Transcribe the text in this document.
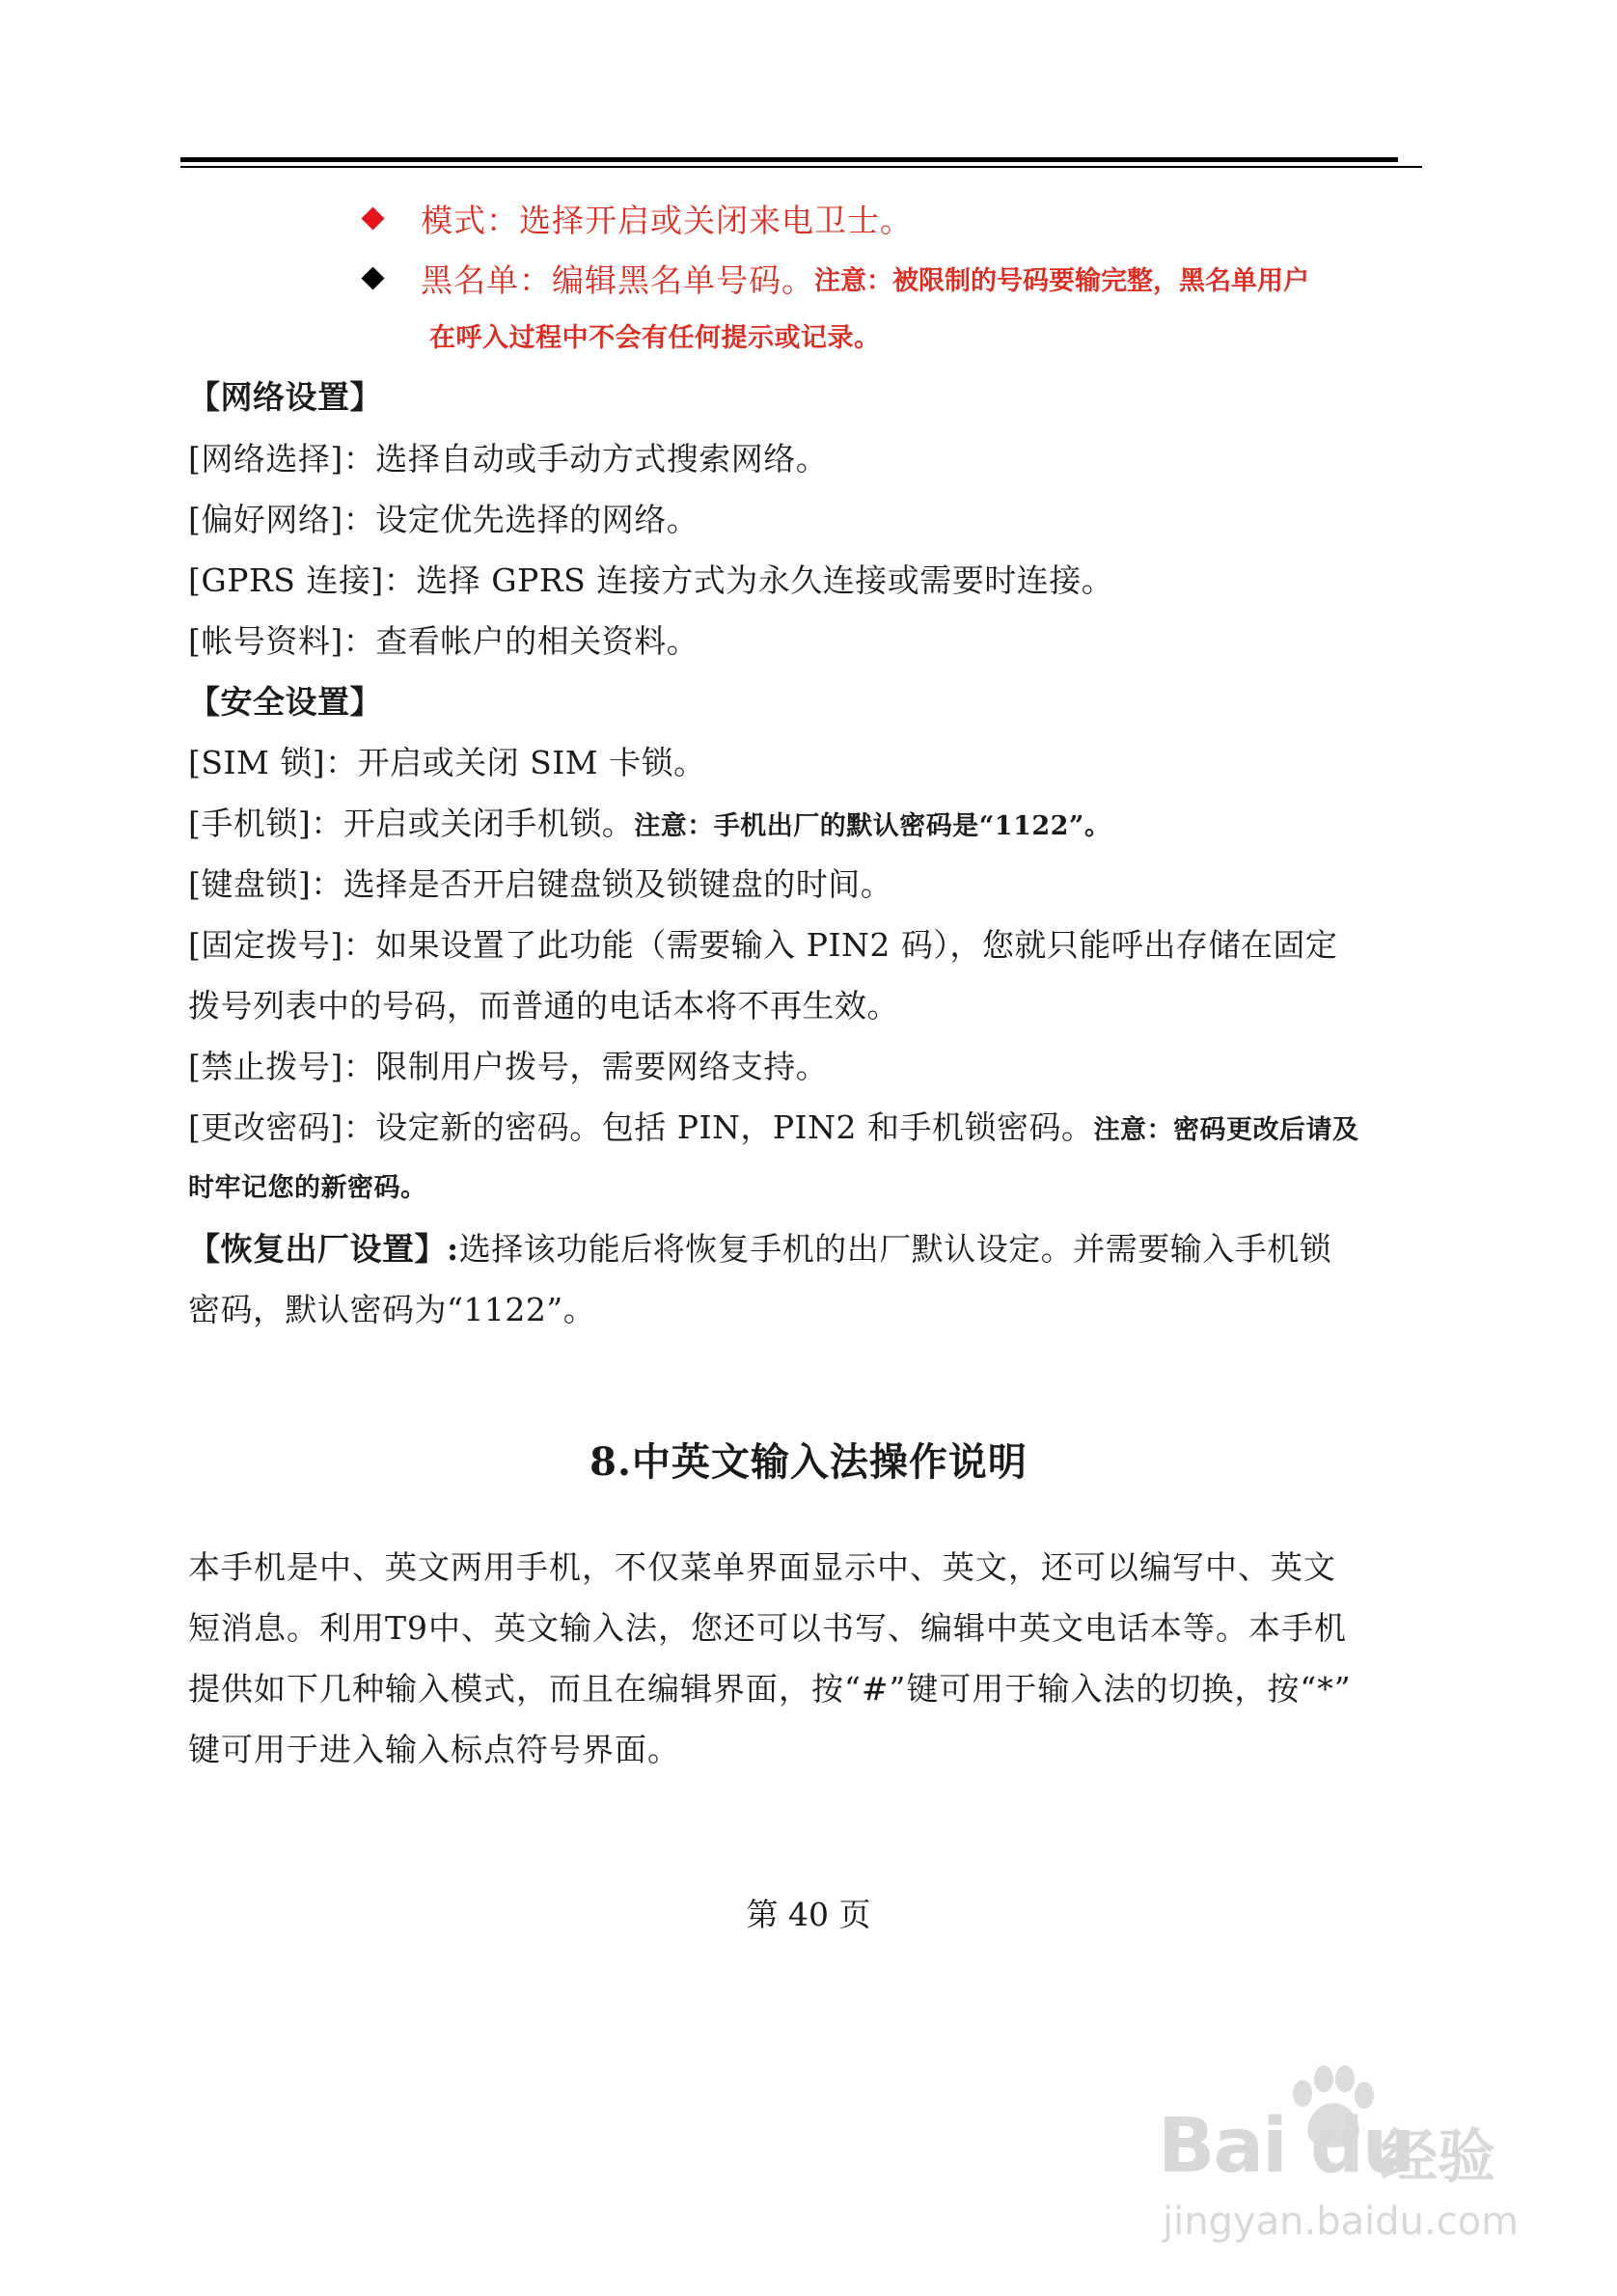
模式：选择开启或关闭来电卫士。
黑名单：编辑黑名单号码。 注意：被限制的号码要输完整，黑名单用户
在呼入过程中不会有任何提示或记录。
【网络设置】
[网络选择]：选择自动或手动方式搜索网络。
[偏好网络]：设定优先选择的网络。
[GPRS 连接]：选择 GPRS 连接方式为永久连接或需要时连接。
[帐号资料]：查看帐户的相关资料。
【安全设置】
[SIM 锁]：开启或关闭 SIM 卡锁。
[手机锁]：开启或关闭手机锁。注意：手机出厂的默认密码是“1122”。
[键盘锁]：选择是否开启键盘锁及锁键盘的时间。
[固定拨号]：如果设置了此功能（需要输入 PIN2 码），您就只能呼出存储在固定
拨号列表中的号码，而普通的电话本将不再生效。
[禁止拨号]：限制用户拨号，需要网络支持。
[更改密码]：设定新的密码。包括 PIN，PIN2 和手机锁密码。注意：密码更改后请及
时牢记您的新密码。
【恢复出厂设置】:选择该功能后将恢复手机的出厂默认设定。并需要输入手机锁
密码，默认密码为“1122”。
8.中英文输入法操作说明
本手机是中、英文两用手机，不仅菜单界面显示中、英文，还可以编写中、英文
短消息。利用T9中、英文输入法，您还可以书写、编辑中英文电话本等。本手机
提供如下几种输入模式，而且在编辑界面，按“#”键可用于输入法的切换，按“*”
键可用于进入输入标点符号界面。
第 40 页
Bai du
经验
jingyan.baidu.com
